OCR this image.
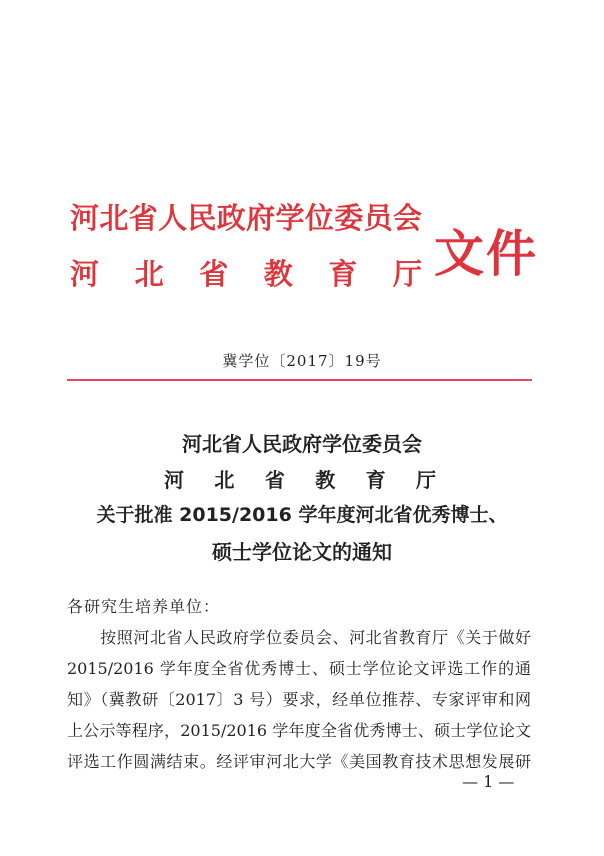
河北省人民政府学位委员会
河 北 省 教 育 厅 文件
冀学位〔2017〕19号
河北省人民政府学位委员会
河 北 省 教 育 厅
关于批准 2015/2016 学年度河北省优秀博士、
硕士学位论文的通知
各研究生培养单位：
　　按照河北省人民政府学位委员会、河北省教育厅《关于做好
2015/2016 学年度全省优秀博士、硕士学位论文评选工作的通
知》（冀教研〔2017〕3 号）要求，经单位推荐、专家评审和网
上公示等程序，2015/2016 学年度全省优秀博士、硕士学位论文
评选工作圆满结束。经评审河北大学《美国教育技术思想发展研
— 1 —
